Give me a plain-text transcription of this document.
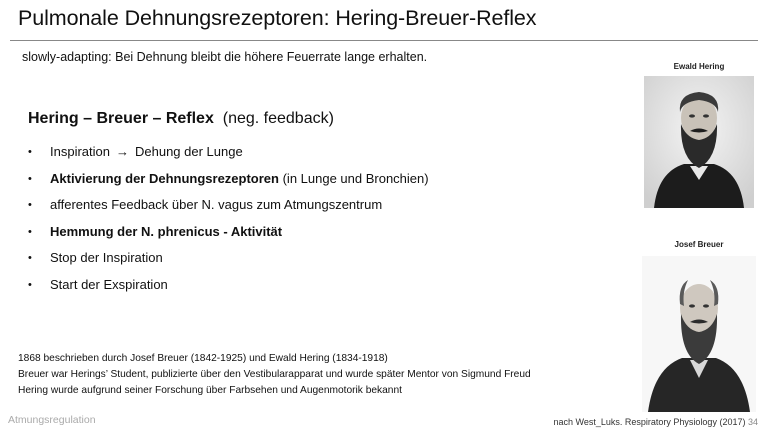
Pulmonale Dehnungsrezeptoren: Hering-Breuer-Reflex
slowly-adapting: Bei Dehnung bleibt die höhere Feuerrate lange erhalten.
Hering – Breuer – Reflex (neg. feedback)
• Inspiration → Dehung der Lunge
• Aktivierung der Dehnungsrezeptoren (in Lunge und Bronchien)
• afferentes Feedback über N. vagus zum Atmungszentrum
• Hemmung der N. phrenicus - Aktivität
• Stop der Inspiration
• Start der Exspiration
1868 beschrieben durch Josef Breuer (1842-1925) und Ewald Hering (1834-1918)
Breuer war Herings’ Student, publizierte über den Vestibularapparat und wurde später Mentor von Sigmund Freud
Hering wurde aufgrund seiner Forschung über Farbsehen und Augenmotorik bekannt
Ewald Hering
Josef Breuer
Atmungsregulation	nach West_Luks. Respiratory Physiology (2017) 34
